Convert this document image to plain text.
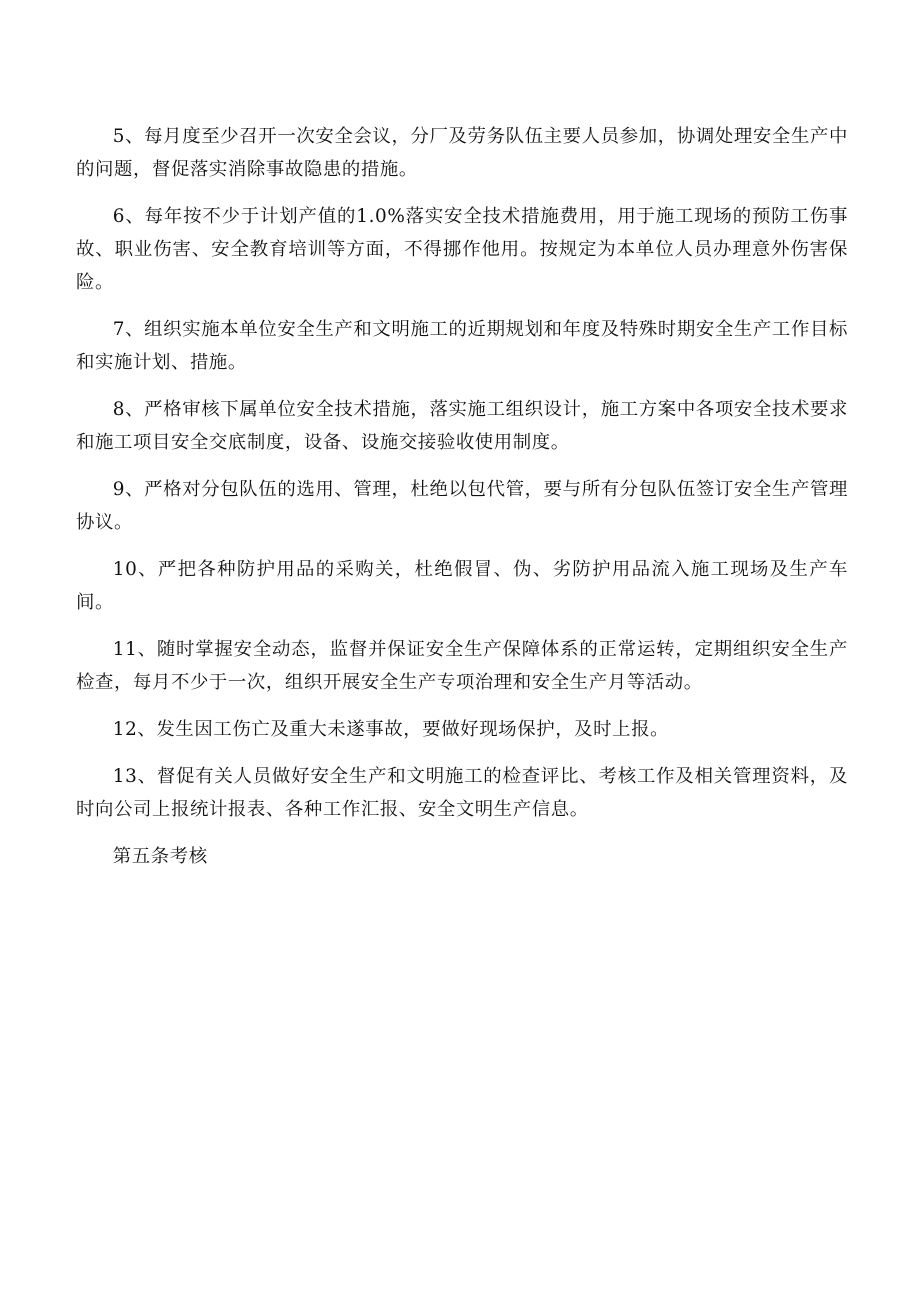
5、每月度至少召开一次安全会议，分厂及劳务队伍主要人员参加，协调处理安全生产中的问题，督促落实消除事故隐患的措施。

6、每年按不少于计划产值的1.0%落实安全技术措施费用，用于施工现场的预防工伤事故、职业伤害、安全教育培训等方面，不得挪作他用。按规定为本单位人员办理意外伤害保险。

7、组织实施本单位安全生产和文明施工的近期规划和年度及特殊时期安全生产工作目标和实施计划、措施。

8、严格审核下属单位安全技术措施，落实施工组织设计，施工方案中各项安全技术要求和施工项目安全交底制度，设备、设施交接验收使用制度。

9、严格对分包队伍的选用、管理，杜绝以包代管，要与所有分包队伍签订安全生产管理协议。

10、严把各种防护用品的采购关，杜绝假冒、伪、劣防护用品流入施工现场及生产车间。

11、随时掌握安全动态，监督并保证安全生产保障体系的正常运转，定期组织安全生产检查，每月不少于一次，组织开展安全生产专项治理和安全生产月等活动。

12、发生因工伤亡及重大未遂事故，要做好现场保护，及时上报。

13、督促有关人员做好安全生产和文明施工的检查评比、考核工作及相关管理资料，及时向公司上报统计报表、各种工作汇报、安全文明生产信息。

第五条考核
